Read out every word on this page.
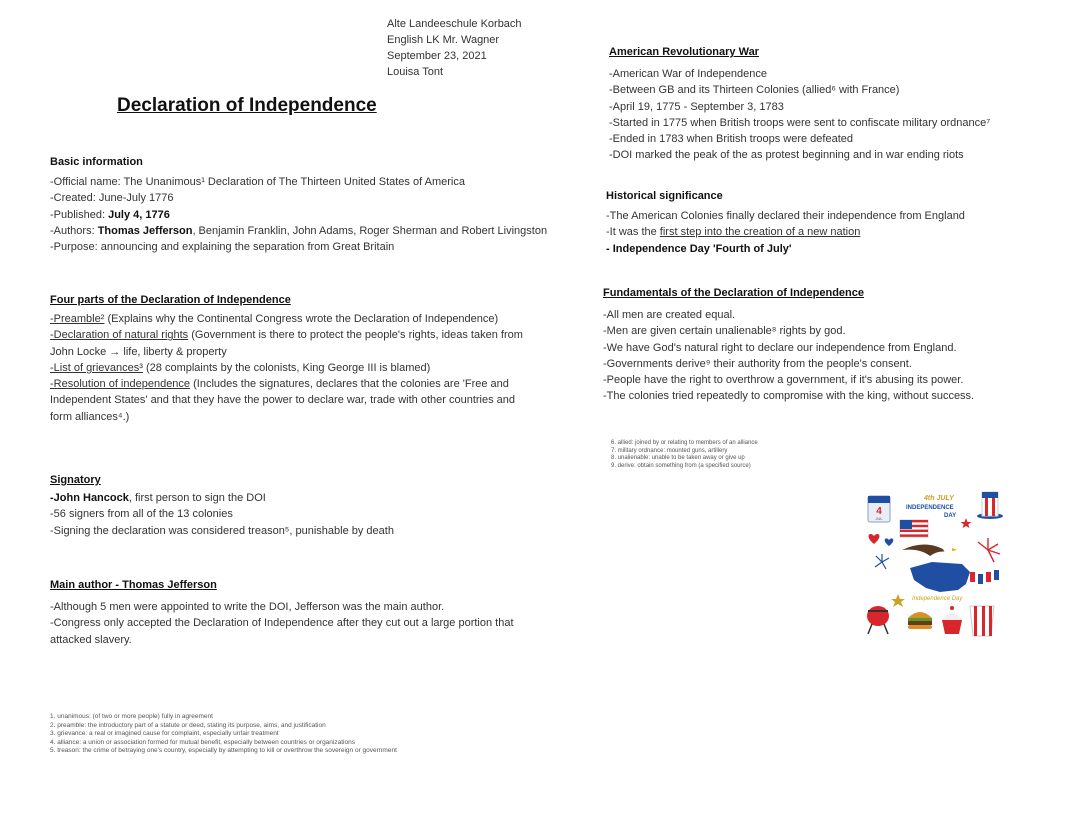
Alte Landeeschule Korbach
English LK Mr. Wagner
September 23, 2021
Louisa Tont
Declaration of Independence
Basic information
-Official name: The Unanimous¹ Declaration of The Thirteen United States of America
-Created: June-July 1776
-Published: July 4, 1776
-Authors: Thomas Jefferson, Benjamin Franklin, John Adams, Roger Sherman and Robert Livingston
-Purpose: announcing and explaining the separation from Great Britain
Four parts of the Declaration of Independence
-Preamble² (Explains why the Continental Congress wrote the Declaration of Independence)
-Declaration of natural rights (Government is there to protect the people's rights, ideas taken from John Locke → life, liberty & property
-List of grievances³ (28 complaints by the colonists, King George III is blamed)
-Resolution of independence (Includes the signatures, declares that the colonies are 'Free and Independent States' and that they have the power to declare war, trade with other countries and form alliances⁴.)
Signatory
-John Hancock, first person to sign the DOI
-56 signers from all of the 13 colonies
-Signing the declaration was considered treason⁵, punishable by death
Main author - Thomas Jefferson
-Although 5 men were appointed to write the DOI, Jefferson was the main author.
-Congress only accepted the Declaration of Independence after they cut out a large portion that attacked slavery.
1. unanimous: (of two or more people) fully in agreement
2. preamble: the introductory part of a statute or deed, stating its purpose, aims, and justification
3. grievance: a real or imagined cause for complaint, especially unfair treatment
4. alliance: a union or association formed for mutual benefit, especially between countries or organizations
5. treason: the crime of betraying one's country, especially by attempting to kill or overthrow the sovereign or government
American Revolutionary War
-American War of Independence
-Between GB and its Thirteen Colonies (allied⁶ with France)
-April 19, 1775 - September 3, 1783
-Started in 1775 when British troops were sent to confiscate military ordnance⁷
-Ended in 1783 when British troops were defeated
-DOI marked the peak of the as protest beginning and in war ending riots
Historical significance
-The American Colonies finally declared their independence from England
-It was the first step into the creation of a new nation
- Independence Day 'Fourth of July'
Fundamentals of the Declaration of Independence
-All men are created equal.
-Men are given certain unalienable⁸ rights by god.
-We have God's natural right to declare our independence from England.
-Governments derive⁹ their authority from the people's consent.
-People have the right to overthrow a government, if it's abusing its power.
-The colonies tried repeatedly to compromise with the king, without success.
6. allied: joined by or relating to members of an alliance
7. military ordnance: mounted guns, artillery
8. unalienable: unable to be taken away or give up
9. derive: obtain something from (a specified source)
4
JUL
4th JULY
INDEPENDENCE
DAY
Independence Day
